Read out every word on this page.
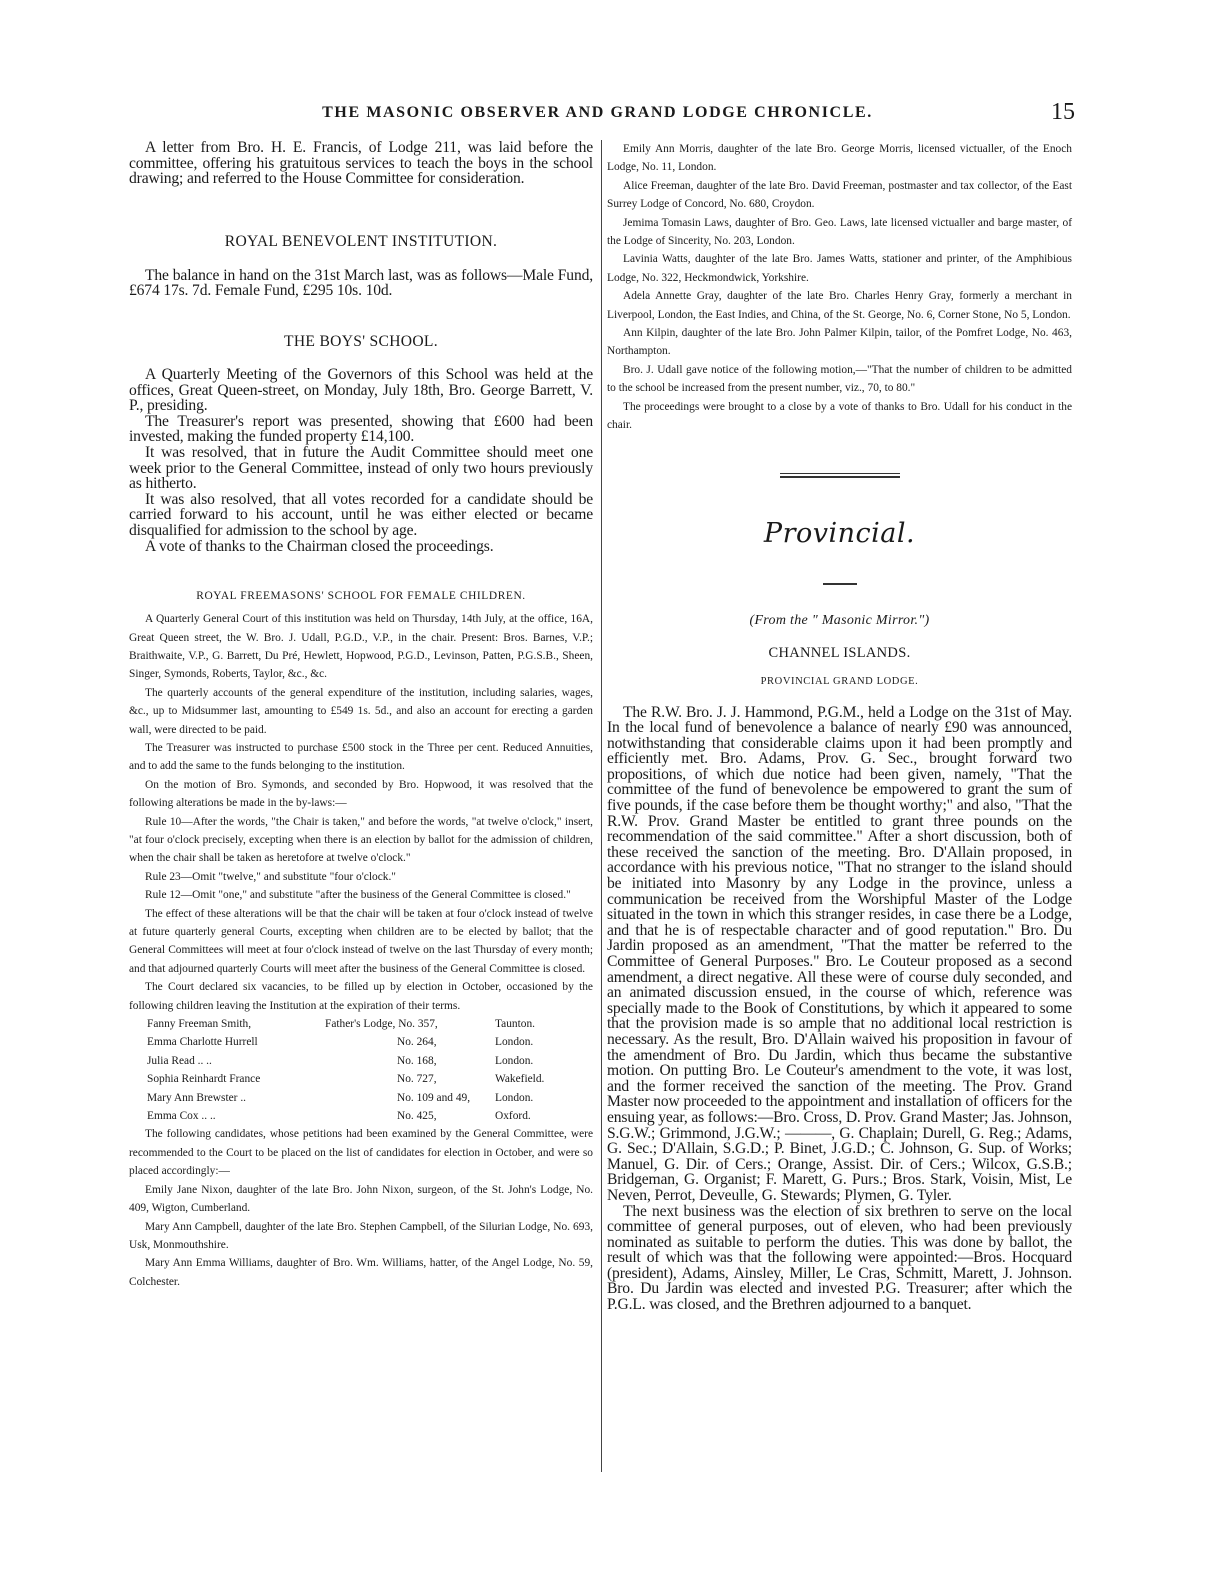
THE MASONIC OBSERVER AND GRAND LODGE CHRONICLE.	15

A letter from Bro. H. E. Francis, of Lodge 211, was laid before the committee, offering his gratuitous services to teach the boys in the school drawing; and referred to the House Committee for consideration.

ROYAL BENEVOLENT INSTITUTION.

The balance in hand on the 31st March last, was as follows—Male Fund, £674 17s. 7d. Female Fund, £295 10s. 10d.

THE BOYS' SCHOOL.

A Quarterly Meeting of the Governors of this School was held at the offices, Great Queen-street, on Monday, July 18th, Bro. George Barrett, V. P., presiding.

The Treasurer's report was presented, showing that £600 had been invested, making the funded property £14,100.

It was resolved, that in future the Audit Committee should meet one week prior to the General Committee, instead of only two hours previously as hitherto.

It was also resolved, that all votes recorded for a candidate should be carried forward to his account, until he was either elected or became disqualified for admission to the school by age.

A vote of thanks to the Chairman closed the proceedings.

ROYAL FREEMASONS' SCHOOL FOR FEMALE CHILDREN.

A Quarterly General Court of this institution was held on Thursday, 14th July, at the office, 16A, Great Queen street, the W. Bro. J. Udall, P.G.D., V.P., in the chair. Present: Bros. Barnes, V.P.; Braithwaite, V.P., G. Barrett, Du Pré, Hewlett, Hopwood, P.G.D., Levinson, Patten, P.G.S.B., Sheen, Singer, Symonds, Roberts, Taylor, &c., &c.

The quarterly accounts of the general expenditure of the institution, including salaries, wages, &c., up to Midsummer last, amounting to £549 1s. 5d., and also an account for erecting a garden wall, were directed to be paid.

The Treasurer was instructed to purchase £500 stock in the Three per cent. Reduced Annuities, and to add the same to the funds belonging to the institution.

On the motion of Bro. Symonds, and seconded by Bro. Hopwood, it was resolved that the following alterations be made in the by-laws:—

Rule 10—After the words, "the Chair is taken," and before the words, "at twelve o'clock," insert, "at four o'clock precisely, excepting when there is an election by ballot for the admission of children, when the chair shall be taken as heretofore at twelve o'clock."

Rule 23—Omit "twelve," and substitute "four o'clock."

Rule 12—Omit "one," and substitute "after the business of the General Committee is closed."

The effect of these alterations will be that the chair will be taken at four o'clock instead of twelve at future quarterly general Courts, excepting when children are to be elected by ballot; that the General Committees will meet at four o'clock instead of twelve on the last Thursday of every month; and that adjourned quarterly Courts will meet after the business of the General Committee is closed.

The Court declared six vacancies, to be filled up by election in October, occasioned by the following children leaving the Institution at the expiration of their terms.

Fanny Freeman Smith,		Father's Lodge, No. 357,	Taunton.
Emma Charlotte Hurrell		No. 264,	London.
Julia Read .. ..		No. 168,	London.
Sophia Reinhardt France		No. 727,	Wakefield.
Mary Ann Brewster ..		No. 109 and 49,	London.
Emma Cox .. ..		No. 425,	Oxford.

The following candidates, whose petitions had been examined by the General Committee, were recommended to the Court to be placed on the list of candidates for election in October, and were so placed accordingly:—

Emily Jane Nixon, daughter of the late Bro. John Nixon, surgeon, of the St. John's Lodge, No. 409, Wigton, Cumberland.

Mary Ann Campbell, daughter of the late Bro. Stephen Campbell, of the Silurian Lodge, No. 693, Usk, Monmouthshire.

Mary Ann Emma Williams, daughter of Bro. Wm. Williams, hatter, of the Angel Lodge, No. 59, Colchester.

Emily Ann Morris, daughter of the late Bro. George Morris, licensed victualler, of the Enoch Lodge, No. 11, London.

Alice Freeman, daughter of the late Bro. David Freeman, postmaster and tax collector, of the East Surrey Lodge of Concord, No. 680, Croydon.

Jemima Tomasin Laws, daughter of Bro. Geo. Laws, late licensed victualler and barge master, of the Lodge of Sincerity, No. 203, London.

Lavinia Watts, daughter of the late Bro. James Watts, stationer and printer, of the Amphibious Lodge, No. 322, Heckmondwick, Yorkshire.

Adela Annette Gray, daughter of the late Bro. Charles Henry Gray, formerly a merchant in Liverpool, London, the East Indies, and China, of the St. George, No. 6, Corner Stone, No 5, London.

Ann Kilpin, daughter of the late Bro. John Palmer Kilpin, tailor, of the Pomfret Lodge, No. 463, Northampton.

Bro. J. Udall gave notice of the following motion,—"That the number of children to be admitted to the school be increased from the present number, viz., 70, to 80."

The proceedings were brought to a close by a vote of thanks to Bro. Udall for his conduct in the chair.

Provincial.
(From the " Masonic Mirror.")
CHANNEL ISLANDS.
PROVINCIAL GRAND LODGE.

The R.W. Bro. J. J. Hammond, P.G.M., held a Lodge on the 31st of May. In the local fund of benevolence a balance of nearly £90 was announced, notwithstanding that considerable claims upon it had been promptly and efficiently met. Bro. Adams, Prov. G. Sec., brought forward two propositions, of which due notice had been given, namely, "That the committee of the fund of benevolence be empowered to grant the sum of five pounds, if the case before them be thought worthy;" and also, "That the R.W. Prov. Grand Master be entitled to grant three pounds on the recommendation of the said committee." After a short discussion, both of these received the sanction of the meeting. Bro. D'Allain proposed, in accordance with his previous notice, "That no stranger to the island should be initiated into Masonry by any Lodge in the province, unless a communication be received from the Worshipful Master of the Lodge situated in the town in which this stranger resides, in case there be a Lodge, and that he is of respectable character and of good reputation." Bro. Du Jardin proposed as an amendment, "That the matter be referred to the Committee of General Purposes." Bro. Le Couteur proposed as a second amendment, a direct negative. All these were of course duly seconded, and an animated discussion ensued, in the course of which, reference was specially made to the Book of Constitutions, by which it appeared to some that the provision made is so ample that no additional local restriction is necessary. As the result, Bro. D'Allain waived his proposition in favour of the amendment of Bro. Du Jardin, which thus became the substantive motion. On putting Bro. Le Couteur's amendment to the vote, it was lost, and the former received the sanction of the meeting. The Prov. Grand Master now proceeded to the appointment and installation of officers for the ensuing year, as follows:—Bro. Cross, D. Prov. Grand Master; Jas. Johnson, S.G.W.; Grimmond, J.G.W.; ———, G. Chaplain; Durell, G. Reg.; Adams, G. Sec.; D'Allain, S.G.D.; P. Binet, J.G.D.; C. Johnson, G. Sup. of Works; Manuel, G. Dir. of Cers.; Orange, Assist. Dir. of Cers.; Wilcox, G.S.B.; Bridgeman, G. Organist; F. Marett, G. Purs.; Bros. Stark, Voisin, Mist, Le Neven, Perrot, Deveulle, G. Stewards; Plymen, G. Tyler.

The next business was the election of six brethren to serve on the local committee of general purposes, out of eleven, who had been previously nominated as suitable to perform the duties. This was done by ballot, the result of which was that the following were appointed:—Bros. Hocquard (president), Adams, Ainsley, Miller, Le Cras, Schmitt, Marett, J. Johnson. Bro. Du Jardin was elected and invested P.G. Treasurer; after which the P.G.L. was closed, and the Brethren adjourned to a banquet.
